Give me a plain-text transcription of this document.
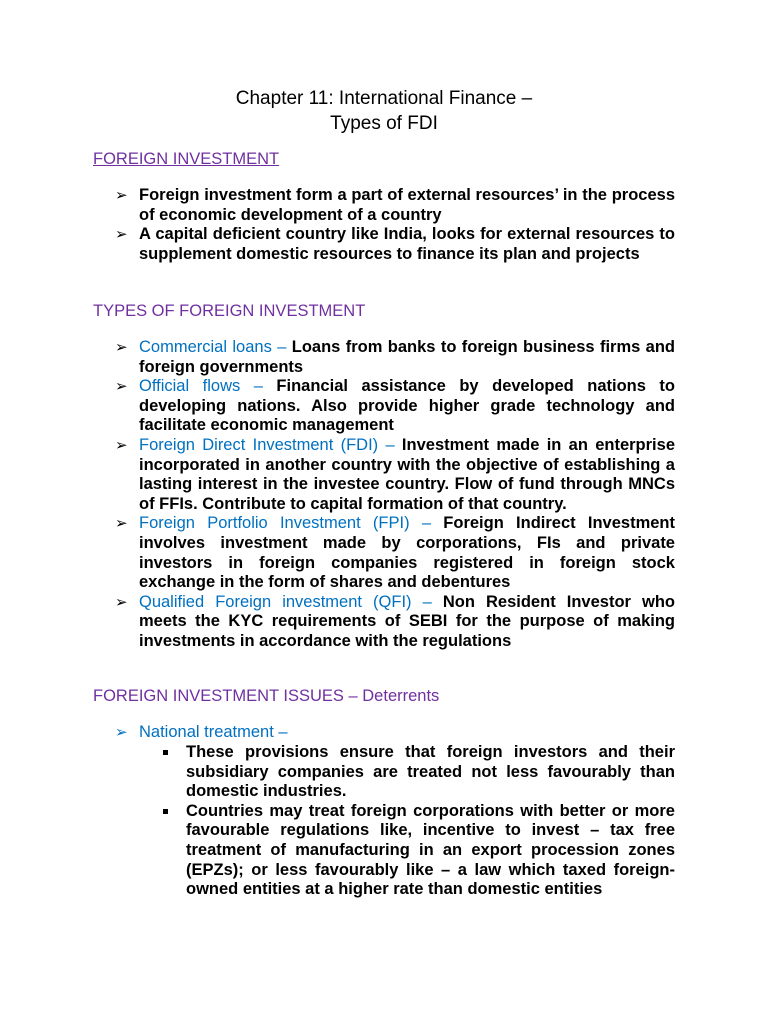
Chapter 11: International Finance –
Types of FDI
FOREIGN INVESTMENT
➢ Foreign investment form a part of external resources’ in the process of economic development of a country
➢ A capital deficient country like India, looks for external resources to supplement domestic resources to finance its plan and projects
TYPES OF FOREIGN INVESTMENT
➢ Commercial loans – Loans from banks to foreign business firms and foreign governments
➢ Official flows – Financial assistance by developed nations to developing nations. Also provide higher grade technology and facilitate economic management
➢ Foreign Direct Investment (FDI) – Investment made in an enterprise incorporated in another country with the objective of establishing a lasting interest in the investee country. Flow of fund through MNCs of FFIs. Contribute to capital formation of that country.
➢ Foreign Portfolio Investment (FPI) – Foreign Indirect Investment involves investment made by corporations, FIs and private investors in foreign companies registered in foreign stock exchange in the form of shares and debentures
➢ Qualified Foreign investment (QFI) – Non Resident Investor who meets the KYC requirements of SEBI for the purpose of making investments in accordance with the regulations
FOREIGN INVESTMENT ISSUES – Deterrents
➢ National treatment –
These provisions ensure that foreign investors and their subsidiary companies are treated not less favourably than domestic industries.
Countries may treat foreign corporations with better or more favourable regulations like, incentive to invest – tax free treatment of manufacturing in an export procession zones (EPZs); or less favourably like – a law which taxed foreign-owned entities at a higher rate than domestic entities
